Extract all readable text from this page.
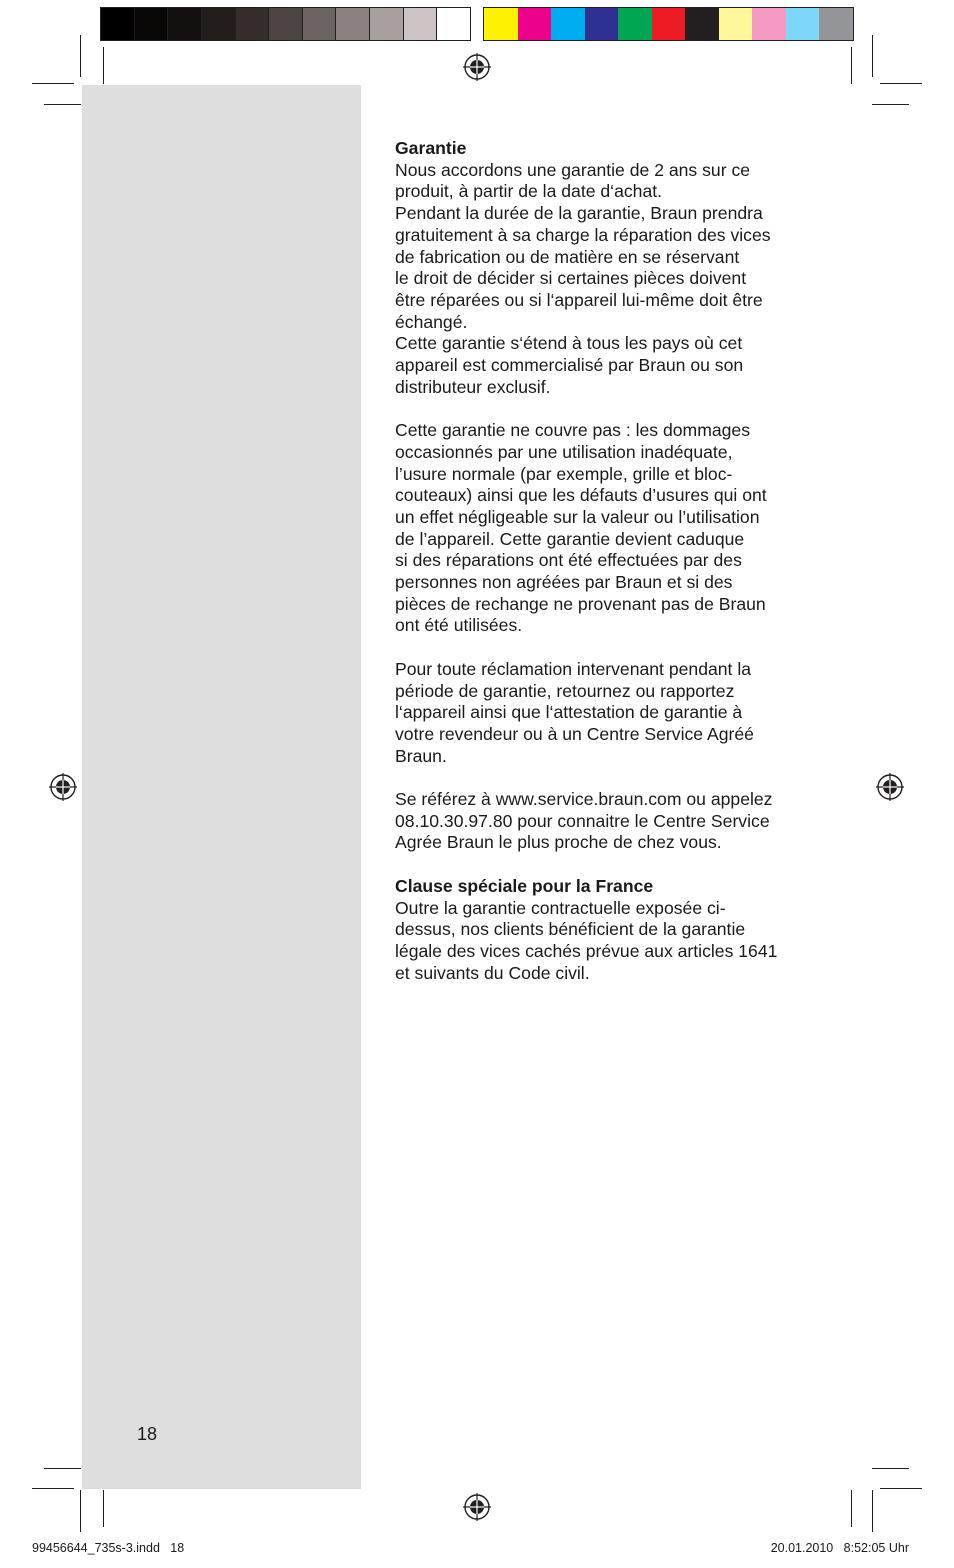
Garantie

Nous accordons une garantie de 2 ans sur ce
produit, à partir de la date d‘achat.
Pendant la durée de la garantie, Braun prendra
gratuitement à sa charge la réparation des vices
de fabrication ou de matière en se réservant
le droit de décider si certaines pièces doivent
être réparées ou si l‘appareil lui-même doit être
échangé.
Cette garantie s‘étend à tous les pays où cet
appareil est commercialisé par Braun ou son
distributeur exclusif.
Cette garantie ne couvre pas : les dommages
occasionnés par une utilisation inadéquate,
l’usure normale (par exemple, grille et bloc-
couteaux) ainsi que les défauts d’usures qui ont
un effet négligeable sur la valeur ou l’utilisation
de l’appareil. Cette garantie devient caduque
si des réparations ont été effectuées par des
personnes non agréées par Braun et si des
pièces de rechange ne provenant pas de Braun
ont été utilisées.
Pour toute réclamation intervenant pendant la
période de garantie, retournez ou rapportez
l‘appareil ainsi que l‘attestation de garantie à
votre revendeur ou à un Centre Service Agréé
Braun.
Se référez à www.service.braun.com ou appelez
08.10.30.97.80 pour connaitre le Centre Service
Agrée Braun le plus proche de chez vous.

Clause spéciale pour la France

Outre la garantie contractuelle exposée ci-
dessus, nos clients bénéficient de la garantie
légale des vices cachés prévue aux articles 1641
et suivants du Code civil.
18
99456644_735s-3.indd   18	20.01.2010   8:52:05 Uhr
